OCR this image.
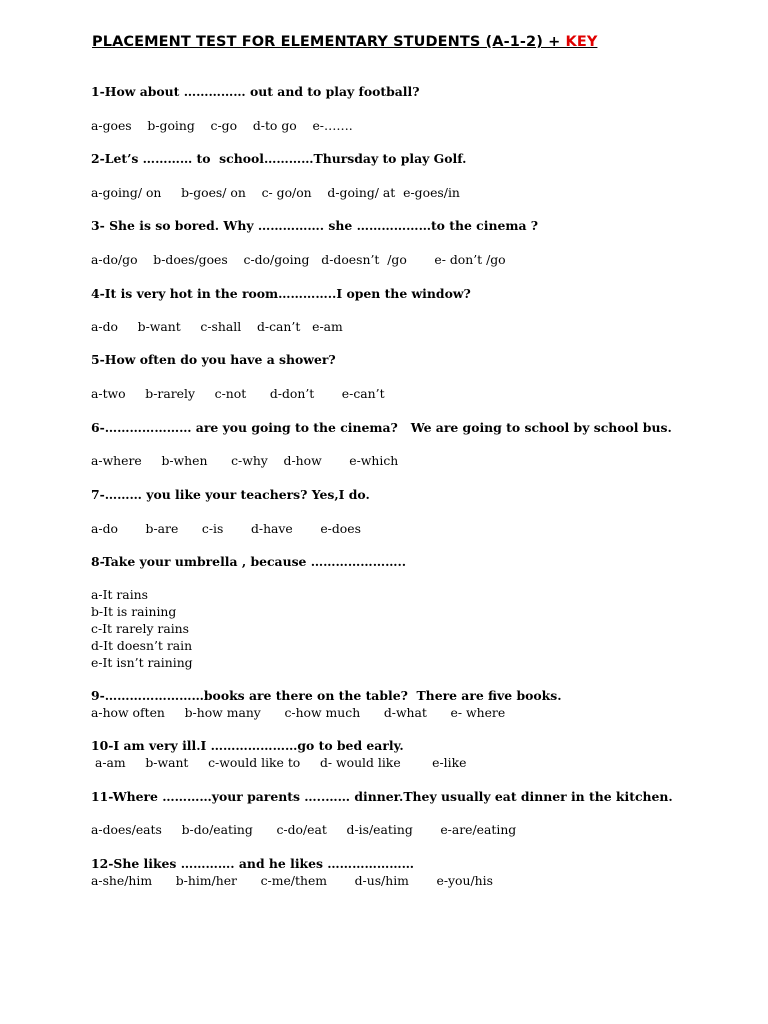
PLACEMENT TEST FOR ELEMENTARY STUDENTS (A-1-2) + KEY
1-How about …………… out and to play football?
a-goes    b-going    c-go    d-to go    e-…….
2-Let’s ………… to  school…………Thursday to play Golf.
a-going/ on     b-goes/ on    c- go/on    d-going/ at  e-goes/in
3- She is so bored. Why ……………. she ………………to the cinema ?
a-do/go    b-does/goes    c-do/going   d-doesn’t  /go       e- don’t /go
4-It is very hot in the room…………..I open the window?
a-do     b-want     c-shall    d-can’t   e-am
5-How often do you have a shower?
a-two     b-rarely     c-not      d-don’t       e-can’t
6-………………… are you going to the cinema?   We are going to school by school bus.
a-where     b-when      c-why    d-how       e-which
7-……… you like your teachers? Yes,I do.
a-do       b-are      c-is       d-have       e-does
8-Take your umbrella , because …………………..
a-It rains
b-It is raining
c-It rarely rains
d-It doesn’t rain
e-It isn’t raining
9-……………………books are there on the table?  There are five books.
a-how often     b-how many      c-how much      d-what      e- where
10-I am very ill.I …………………go to bed early.
a-am     b-want     c-would like to     d- would like        e-like
11-Where …………your parents …..…… dinner.They usually eat dinner in the kitchen.
a-does/eats     b-do/eating      c-do/eat     d-is/eating       e-are/eating
12-She likes …………. and he likes …………………
a-she/him      b-him/her      c-me/them       d-us/him       e-you/his
